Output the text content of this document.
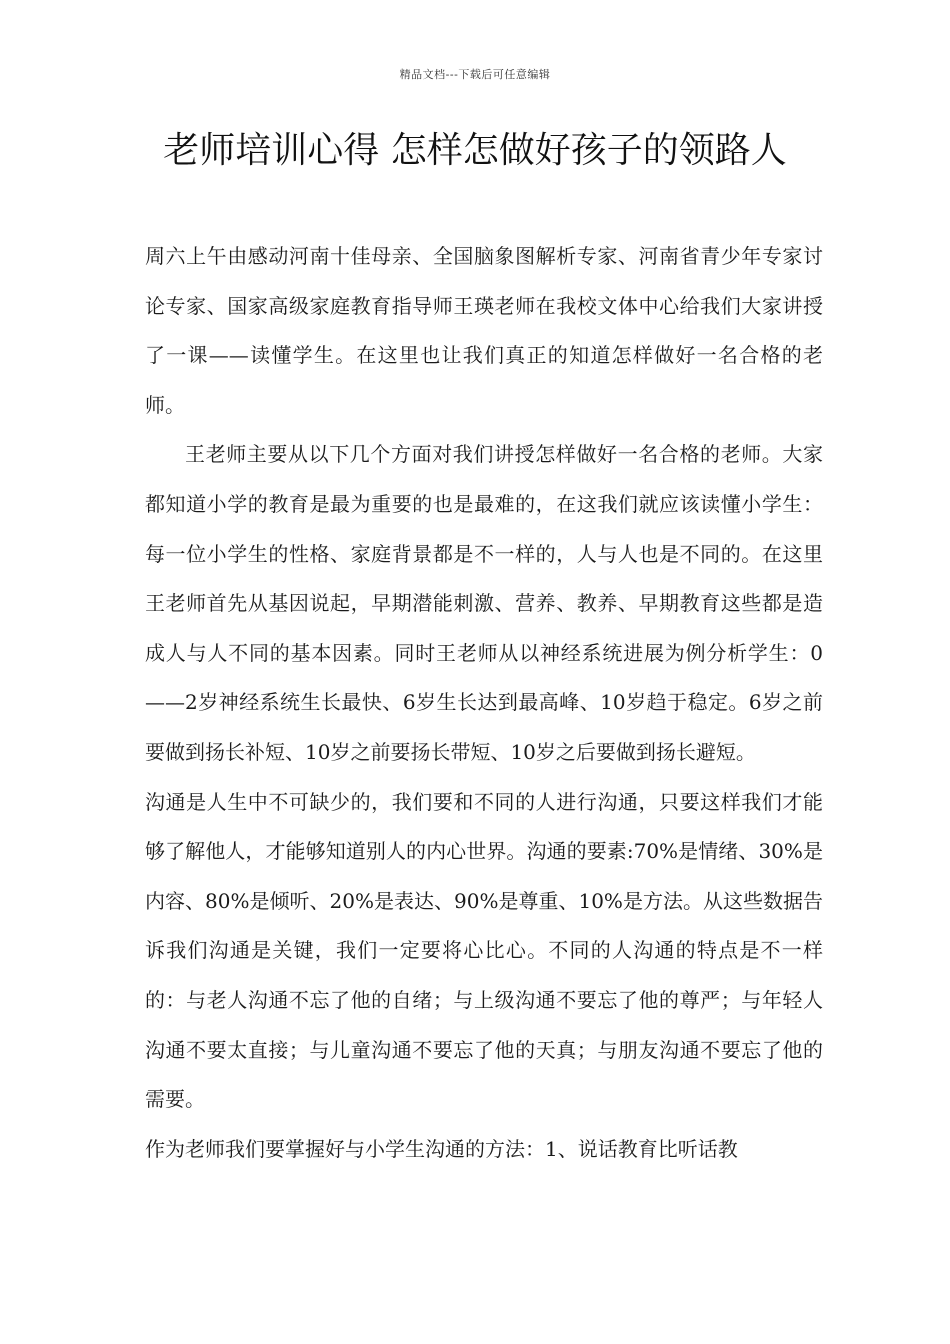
精品文档---下载后可任意编辑
老师培训心得 怎样怎做好孩子的领路人

周六上午由感动河南十佳母亲、全国脑象图解析专家、河南省青少年专家讨论专家、国家高级家庭教育指导师王瑛老师在我校文体中心给我们大家讲授了一课——读懂学生。在这里也让我们真正的知道怎样做好一名合格的老师。

王老师主要从以下几个方面对我们讲授怎样做好一名合格的老师。大家都知道小学的教育是最为重要的也是最难的，在这我们就应该读懂小学生：每一位小学生的性格、家庭背景都是不一样的，人与人也是不同的。在这里王老师首先从基因说起，早期潜能刺激、营养、教养、早期教育这些都是造成人与人不同的基本因素。同时王老师从以神经系统进展为例分析学生：0——2岁神经系统生长最快、6岁生长达到最高峰、10岁趋于稳定。6岁之前要做到扬长补短、10岁之前要扬长带短、10岁之后要做到扬长避短。

沟通是人生中不可缺少的，我们要和不同的人进行沟通，只要这样我们才能够了解他人，才能够知道别人的内心世界。沟通的要素:70%是情绪、30%是内容、80%是倾听、20%是表达、90%是尊重、10%是方法。从这些数据告诉我们沟通是关键，我们一定要将心比心。不同的人沟通的特点是不一样的：与老人沟通不忘了他的自绪；与上级沟通不要忘了他的尊严；与年轻人沟通不要太直接；与儿童沟通不要忘了他的天真；与朋友沟通不要忘了他的需要。

作为老师我们要掌握好与小学生沟通的方法：1、说话教育比听话教
